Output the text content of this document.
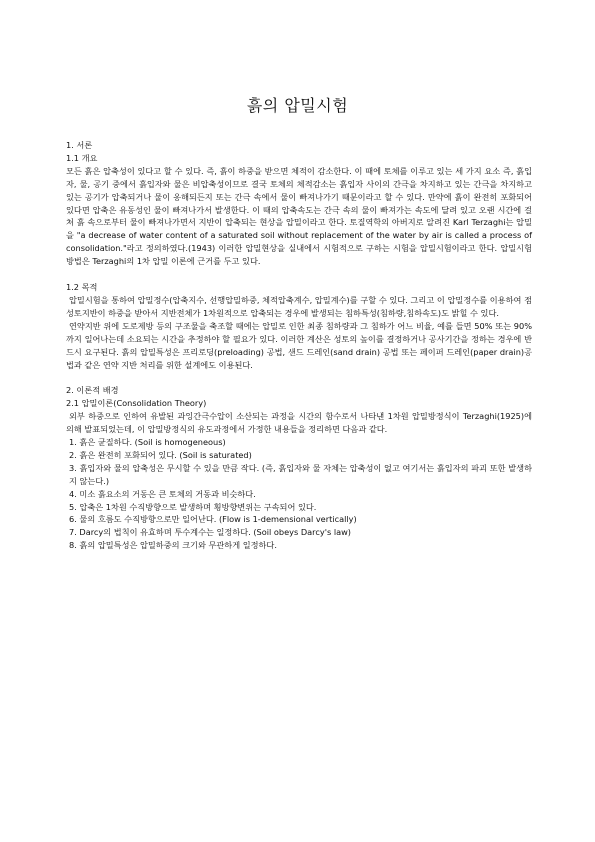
흙의 압밀시험

1. 서론

1.1 개요

모든 흙은 압축성이 있다고 할 수 있다. 즉, 흙이 하중을 받으면 체적이 감소한다. 이 때에 토체를 이루고 있는 세 가지 요소 즉, 흙입자, 물, 공기 중에서 흙입자와 물은 비압축성이므로 결국 토체의 체적감소는 흙입자 사이의 간극을 차지하고 있는 간극을 차지하고 있는 공기가 압축되거나 물이 옹해되든지 또는 간극 속에서 물이 빠져나가기 때문이라고 할 수 있다. 만약에 흙이 완전히 포화되어 있다면 압축은 유동성인 물이 빠져나가서 발생한다. 이 때의 압축속도는 간극 속의 물이 빠져가는 속도에 달려 있고 오랜 시간에 걸쳐 흙 속으로부터 물이 빠져나가면서 지반이 압축되는 현상을 압밀이라고 한다. 토질역학의 아버지로 알려진 Karl Terzaghi는 압밀을 "a decrease of water content of a saturated soil without replacement of the water by air is called a process of consolidation."라고 정의하였다.(1943) 이러한 압밀현상을 실내에서 시험적으로 구하는 시험을 압밀시험이라고 한다. 압밀시험 방법은 Terzaghi의 1차 압밀 이론에 근거를 두고 있다.

1.2 목적

압밀시험을 통하여 압밀정수(압축지수, 선행압밀하중, 체적압축계수, 압밀계수)를 구할 수 있다. 그리고 이 압밀정수를 이용하여 점성토지반이 하중을 받아서 지반전체가 1차원적으로 압축되는 경우에 발생되는 침하특성(침하량,침하속도)도 밝힐 수 있다.

연약지반 위에 도로제방 등의 구조물을 축조할 때에는 압밀로 인한 최종 침하량과 그 침하가 어느 비율, 예를 들면 50% 또는 90%까지 일어나는데 소요되는 시간을 추정하야 할 필요가 있다. 이러한 계산은 성토의 높이를 결정하거나 공사기간을 정하는 경우에 반드시 요구된다. 흙의 압밀특성은 프리로딩(preloading) 공법, 샌드 드레인(sand drain) 공법 또는 페이퍼 드레인(paper drain)공법과 같은 연약 지반 처리를 위한 설계에도 이용된다.

2. 이론적 배경

2.1 압밀이론(Consolidation Theory)

외부 하중으로 인하여 유발된 과잉간극수압이 소산되는 과정을 시간의 함수로서 나타낸 1차원 압밀방정식이 Terzaghi(1925)에 의해 발표되었는데, 이 압밀방정식의 유도과정에서 가정한 내용들을 정리하면 다음과 같다.

1. 흙은 균질하다. (Soil is homogeneous)
2. 흙은 완전히 포화되어 있다. (Soil is saturated)
3. 흙입자와 물의 압축성은 무시할 수 있을 만큼 작다. (즉, 흙입자와 물 자체는 압축성이 없고 여기서는 흙입자의 파괴 또한 발생하지 않는다.)
4. 미소 흙요소의 거동은 큰 토체의 거동과 비슷하다.
5. 압축은 1차원 수직방향으로 발생하며 횡방향변위는 구속되어 있다.
6. 물의 흐름도 수직방향으로만 일어난다. (Flow is 1-demensional vertically)
7. Darcy의 법칙이 유효하며 투수계수는 일정하다. (Soil obeys Darcy's law)
8. 흙의 압밀특성은 압밀하중의 크기와 무관하게 일정하다.
